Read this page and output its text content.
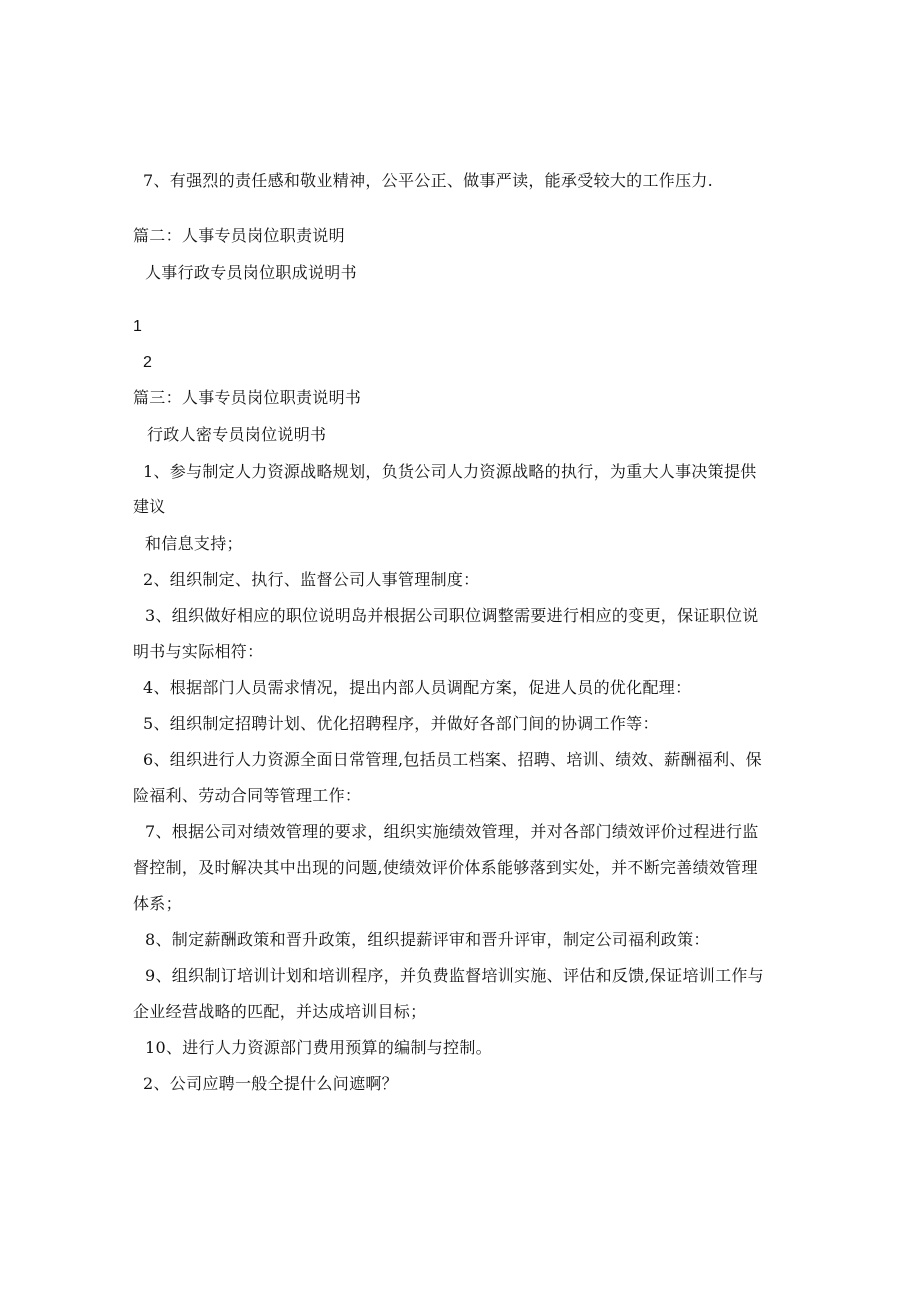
7、有强烈的责任感和敬业精神，公平公正、做事严读，能承受较大的工作压力.
篇二：人事专员岗位职责说明
人事行政专员岗位职成说明书
1
2
篇三：人事专员岗位职责说明书
行政人密专员岗位说明书
1、参与制定人力资源战略规划，负货公司人力资源战略的执行，为重大人事决策提供
建议
和信息支持；
2、组织制定、执行、监督公司人事管理制度：
3、组织做好相应的职位说明岛并根据公司职位调整需要进行相应的变更，保证职位说
明书与实际相符：
4、根据部门人员需求情况，提出内部人员调配方案，促进人员的优化配理：
5、组织制定招聘计划、优化招聘程序，并做好各部门间的协调工作等：
6、组织进行人力资源全面日常管理,包括员工档案、招聘、培训、绩效、薪酬福利、保
险福利、劳动合同等管理工作：
7、根据公司对绩效管理的要求，组织实施绩效管理，并对各部门绩效评价过程进行监
督控制，及时解决其中出现的问题,使绩效评价体系能够落到实处，并不断完善绩效管理
体系；
8、制定薪酬政策和晋升政策，组织提薪评审和晋升评审，制定公司福利政策：
9、组织制订培训计划和培训程序，并负费监督培训实施、评估和反馈,保证培训工作与
企业经营战略的匹配，并达成培训目标；
10、进行人力资源部门费用预算的编制与控制。
2、公司应聘一般仝提什么问遮啊？
